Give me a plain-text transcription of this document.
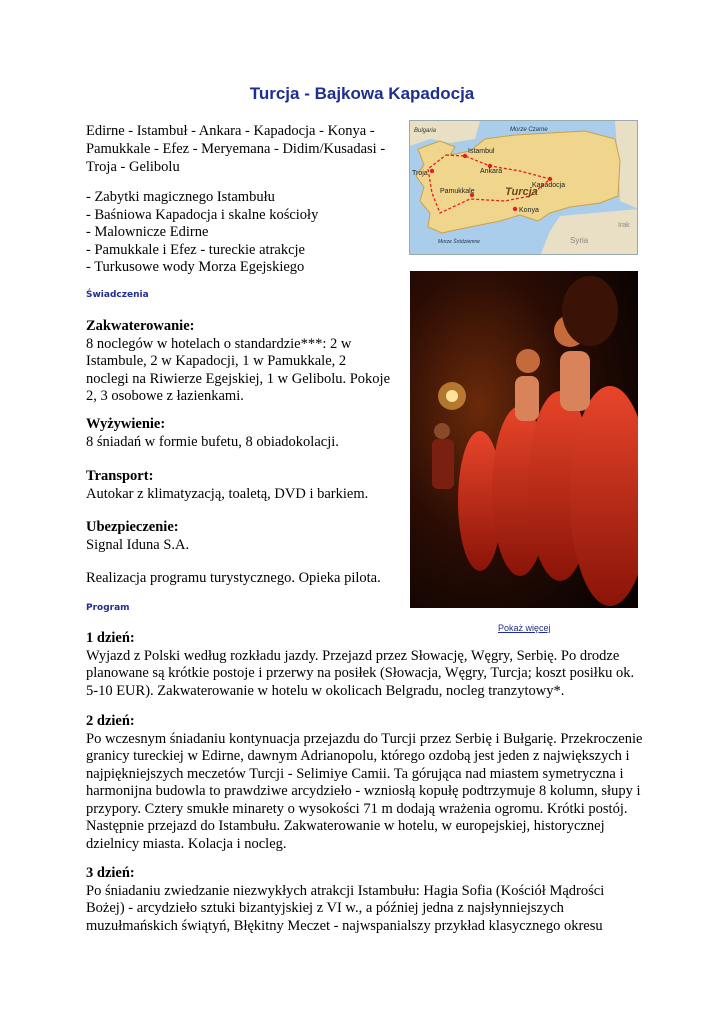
Turcja - Bajkowa Kapadocja

Edirne - Istambuł - Ankara - Kapadocja - Konya - Pamukkale - Efez - Meryemana - Didim/Kusadasi - Troja - Gelibolu

- Zabytki magicznego Istambułu
- Baśniowa Kapadocja i skalne kościoły
- Malownicze Edirne
- Pamukkale i Efez - tureckie atrakcje
- Turkusowe wody Morza Egejskiego
Świadczenia

Zakwaterowanie:
8 noclegów w hotelach o standardzie***: 2 w Istambule, 2 w Kapadocji, 1 w Pamukkale, 2 noclegi na Riwierze Egejskiej, 1 w Gelibolu. Pokoje 2, 3 osobowe z łazienkami.

Wyżywienie:
8 śniadań w formie bufetu, 8 obiadokolacji.

Transport:
Autokar z klimatyzacją, toaletą, DVD i barkiem.

Ubezpieczenie:
Signal Iduna S.A.

Realizacja programu turystycznego. Opieka pilota.

Program
Bulgaria	Morze Czarne
Istambul
Ankara
Troja
Kapadocja
Pamukkale	Turcja
Konya
Morze Śródziemne	Syria
Irak
Pokaż więcej

1 dzień:
Wyjazd z Polski według rozkładu jazdy. Przejazd przez Słowację, Węgry, Serbię. Po drodze planowane są krótkie postoje i przerwy na posiłek (Słowacja, Węgry, Turcja; koszt posiłku ok. 5-10 EUR). Zakwaterowanie w hotelu w okolicach Belgradu, nocleg tranzytowy*.

2 dzień:
Po wczesnym śniadaniu kontynuacja przejazdu do Turcji przez Serbię i Bułgarię. Przekroczenie granicy tureckiej w Edirne, dawnym Adrianopolu, którego ozdobą jest jeden z największych i najpiękniejszych meczetów Turcji - Selimiye Camii. Ta górująca nad miastem symetryczna i harmonijna budowla to prawdziwe arcydzieło - wzniosłą kopułę podtrzymuje 8 kolumn, słupy i przypory. Cztery smukłe minarety o wysokości 71 m dodają wrażenia ogromu. Krótki postój. Następnie przejazd do Istambułu. Zakwaterowanie w hotelu, w europejskiej, historycznej dzielnicy miasta. Kolacja i nocleg.

3 dzień:
Po śniadaniu zwiedzanie niezwykłych atrakcji Istambułu: Hagia Sofia (Kościół Mądrości Bożej) - arcydzieło sztuki bizantyjskiej z VI w., a później jedna z najsłynniejszych muzułmańskich świątyń, Błękitny Meczet - najwspanialszy przykład klasycznego okresu
